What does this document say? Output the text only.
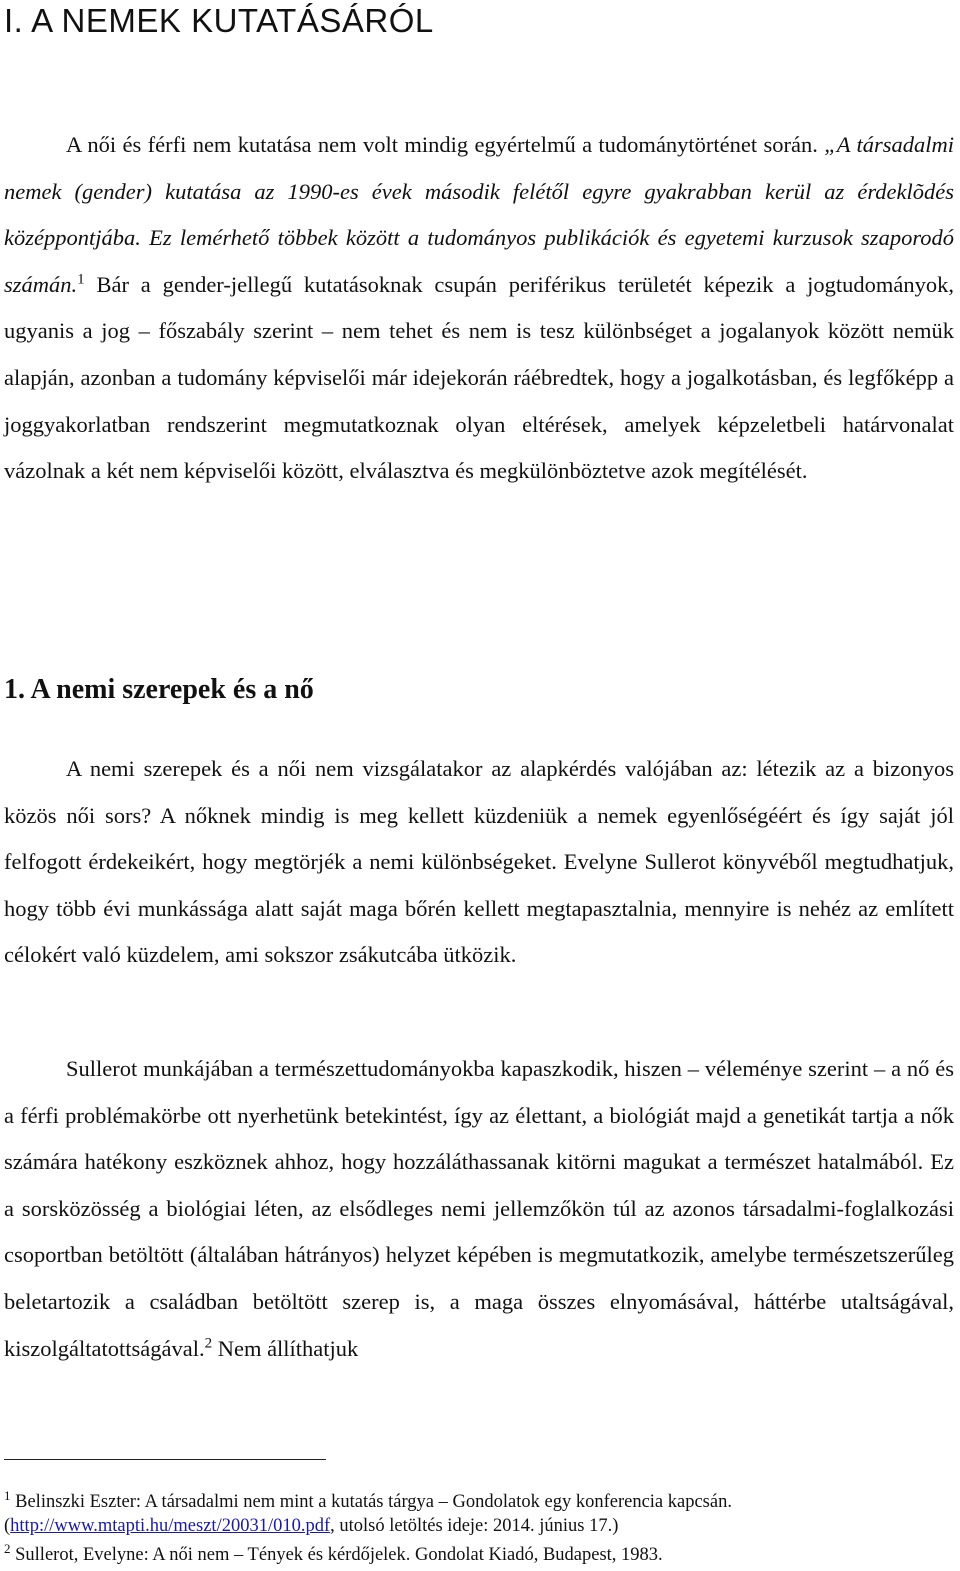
I. A NEMEK KUTATÁSÁRÓL

A női és férfi nem kutatása nem volt mindig egyértelmű a tudománytörténet során. „A társadalmi nemek (gender) kutatása az 1990-es évek második felétől egyre gyakrabban kerül az érdeklõdés középpontjába. Ez lemérhető többek között a tudományos publikációk és egyetemi kurzusok szaporodó számán.$^1$ Bár a gender-jellegű kutatásoknak csupán periférikus területét képezik a jogtudományok, ugyanis a jog – főszabály szerint – nem tehet és nem is tesz különbséget a jogalanyok között nemük alapján, azonban a tudomány képviselői már idejekorán ráébredtek, hogy a jogalkotásban, és legfőképp a joggyakorlatban rendszerint megmutatkoznak olyan eltérések, amelyek képzeletbeli határvonalat vázolnak a két nem képviselői között, elválasztva és megkülönböztetve azok megítélését.

1. A nemi szerepek és a nő

A nemi szerepek és a női nem vizsgálatakor az alapkérdés valójában az: létezik az a bizonyos közös női sors? A nőknek mindig is meg kellett küzdeniük a nemek egyenlőségéért és így saját jól felfogott érdekeikért, hogy megtörjék a nemi különbségeket. Evelyne Sullerot könyvéből megtudhatjuk, hogy több évi munkássága alatt saját maga bőrén kellett megtapasztalnia, mennyire is nehéz az említett célokért való küzdelem, ami sokszor zsákutcába ütközik.

Sullerot munkájában a természettudományokba kapaszkodik, hiszen – véleménye szerint – a nő és a férfi problémakörbe ott nyerhetünk betekintést, így az élettant, a biológiát majd a genetikát tartja a nők számára hatékony eszköznek ahhoz, hogy hozzáláthassanak kitörni magukat a természet hatalmából. Ez a sorsközösség a biológiai léten, az elsődleges nemi jellemzőkön túl az azonos társadalmi-foglalkozási csoportban betöltött (általában hátrányos) helyzet képében is megmutatkozik, amelybe természetszerűleg beletartozik a családban betöltött szerep is, a maga összes elnyomásával, háttérbe utaltságával, kiszolgáltatottságával.$^2$ Nem állíthatjuk

$^1$ Belinszki Eszter: A társadalmi nem mint a kutatás tárgya – Gondolatok egy konferencia kapcsán.
(http://www.mtapti.hu/meszt/20031/010.pdf, utolsó letöltés ideje: 2014. június 17.)

$^2$ Sullerot, Evelyne: A női nem – Tények és kérdőjelek. Gondolat Kiadó, Budapest, 1983.
